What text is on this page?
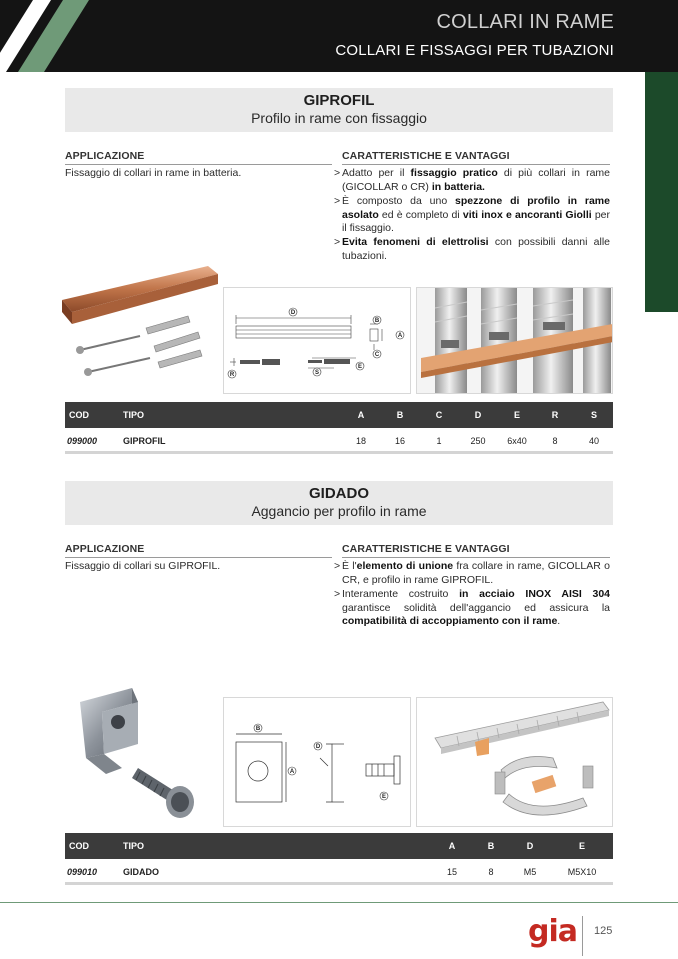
COLLARI IN RAME
COLLARI E FISSAGGI PER TUBAZIONI
GIPROFIL
Profilo in rame con fissaggio
APPLICAZIONE
Fissaggio di collari in rame in batteria.
CARATTERISTICHE E VANTAGGI
> Adatto per il fissaggio pratico di più collari in rame (GICOLLAR o CR) in batteria.
> È composto da uno spezzone di profilo in rame asolato ed è completo di viti inox e ancoranti Giolli per il fissaggio.
> Evita fenomeni di elettrolisi con possibili danni alle tubazioni.
D
B
A
C
R	S
E
COD	TIPO	A	B	C	D	E	R	S
099000	GIPROFIL	18	16	1	250	6x40	8	40
GIDADO
Aggancio per profilo in rame
APPLICAZIONE
Fissaggio di collari su GIPROFIL.
CARATTERISTICHE E VANTAGGI
> È l'elemento di unione fra collare in rame, GICOLLAR o CR, e profilo in rame GIPROFIL.
> Interamente costruito in acciaio INOX AISI 304 garantisce solidità dell'aggancio ed assicura la compatibilità di accoppiamento con il rame.
B
A
D
E
COD	TIPO	A	B	D	E
099010	GIDADO	15	8	M5	M5X10
gia 125
